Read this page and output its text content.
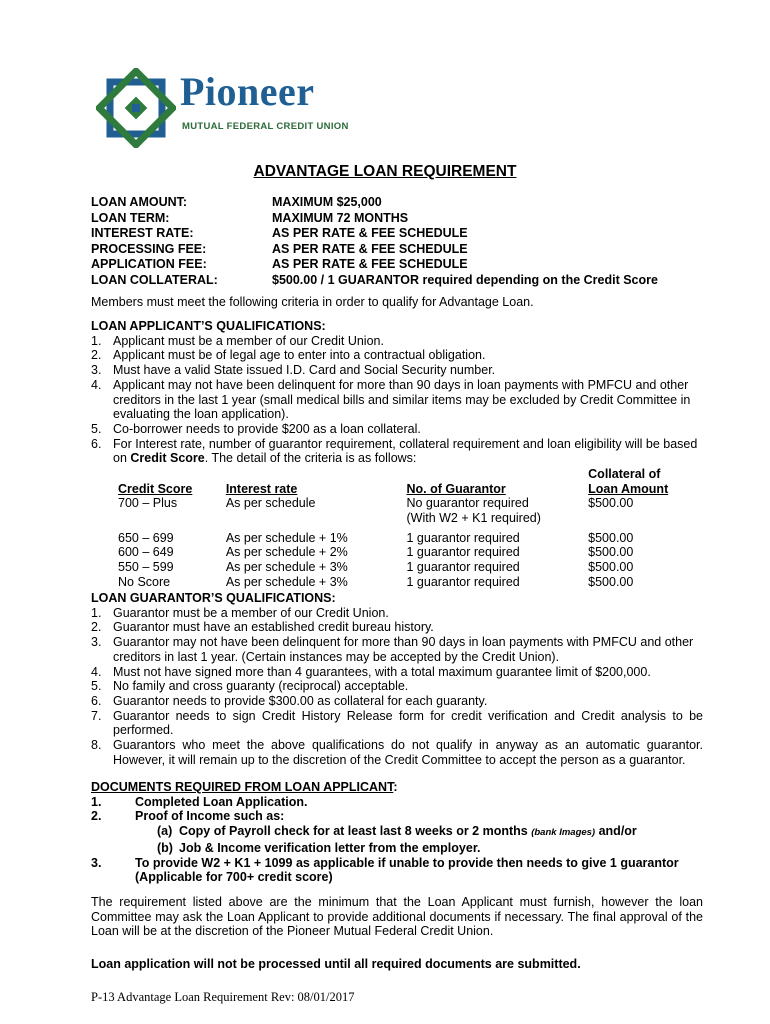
Pioneer
MUTUAL FEDERAL CREDIT UNION
ADVANTAGE LOAN REQUIREMENT
LOAN AMOUNT:	MAXIMUM $25,000
LOAN TERM:	MAXIMUM 72 MONTHS
INTEREST RATE:	AS PER RATE & FEE SCHEDULE
PROCESSING FEE:	AS PER RATE & FEE SCHEDULE
APPLICATION FEE:	AS PER RATE & FEE SCHEDULE
LOAN COLLATERAL:	$500.00 / 1 GUARANTOR required depending on the Credit Score
Members must meet the following criteria in order to qualify for Advantage Loan.
LOAN APPLICANT’S QUALIFICATIONS:
1. Applicant must be a member of our Credit Union.
2. Applicant must be of legal age to enter into a contractual obligation.
3. Must have a valid State issued I.D. Card and Social Security number.
4. Applicant may not have been delinquent for more than 90 days in loan payments with PMFCU and other creditors in the last 1 year (small medical bills and similar items may be excluded by Credit Committee in evaluating the loan application).
5. Co-borrower needs to provide $200 as a loan collateral.
6. For Interest rate, number of guarantor requirement, collateral requirement and loan eligibility will be based on Credit Score. The detail of the criteria is as follows:
Collateral of
Credit Score	Interest rate	No. of Guarantor	Loan Amount
700 – Plus	As per schedule	No guarantor required	$500.00
(With W2 + K1 required)
650 – 699	As per schedule + 1%	1 guarantor required	$500.00
600 – 649	As per schedule + 2%	1 guarantor required	$500.00
550 – 599	As per schedule + 3%	1 guarantor required	$500.00
No Score	As per schedule + 3%	1 guarantor required	$500.00
LOAN GUARANTOR’S QUALIFICATIONS:
1. Guarantor must be a member of our Credit Union.
2. Guarantor must have an established credit bureau history.
3. Guarantor may not have been delinquent for more than 90 days in loan payments with PMFCU and other creditors in last 1 year. (Certain instances may be accepted by the Credit Union).
4. Must not have signed more than 4 guarantees, with a total maximum guarantee limit of $200,000.
5. No family and cross guaranty (reciprocal) acceptable.
6. Guarantor needs to provide $300.00 as collateral for each guaranty.
7. Guarantor needs to sign Credit History Release form for credit verification and Credit analysis to be performed.
8. Guarantors who meet the above qualifications do not qualify in anyway as an automatic guarantor. However, it will remain up to the discretion of the Credit Committee to accept the person as a guarantor.
DOCUMENTS REQUIRED FROM LOAN APPLICANT:
1.	Completed Loan Application.
2.	Proof of Income such as:
(a) Copy of Payroll check for at least last 8 weeks or 2 months (bank Images) and/or
(b) Job & Income verification letter from the employer.
3.	To provide W2 + K1 + 1099 as applicable if unable to provide then needs to give 1 guarantor
(Applicable for 700+ credit score)
The requirement listed above are the minimum that the Loan Applicant must furnish, however the loan Committee may ask the Loan Applicant to provide additional documents if necessary. The final approval of the Loan will be at the discretion of the Pioneer Mutual Federal Credit Union.
Loan application will not be processed until all required documents are submitted.
P-13 Advantage Loan Requirement Rev: 08/01/2017
